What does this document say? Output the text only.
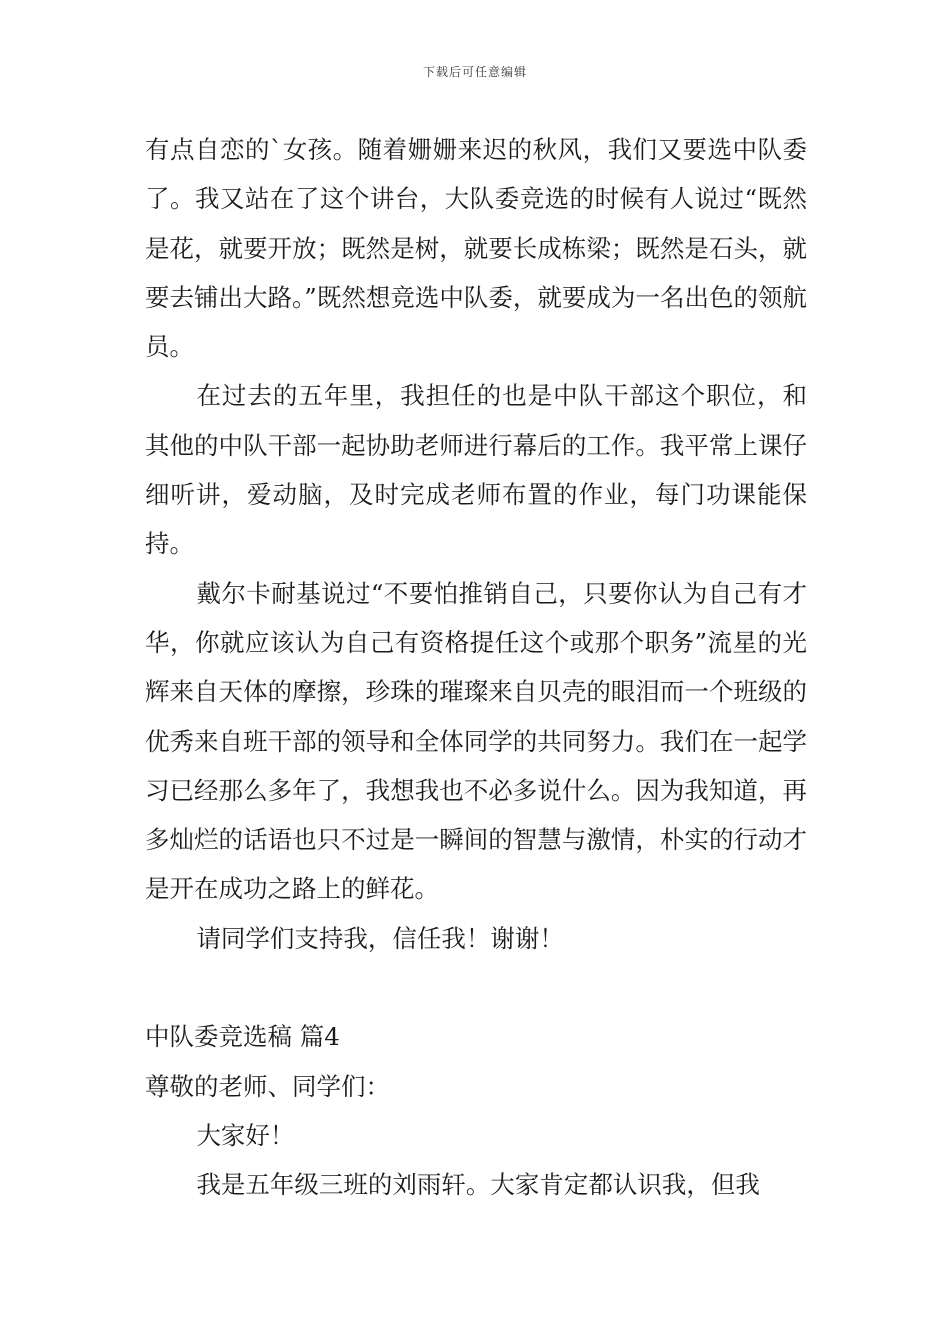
下载后可任意编辑

有点自恋的`女孩。随着姗姗来迟的秋风，我们又要选中队委了。我又站在了这个讲台，大队委竞选的时候有人说过“既然是花，就要开放；既然是树，就要长成栋梁；既然是石头，就要去铺出大路。”既然想竞选中队委，就要成为一名出色的领航员。

在过去的五年里，我担任的也是中队干部这个职位，和其他的中队干部一起协助老师进行幕后的工作。我平常上课仔细听讲，爱动脑，及时完成老师布置的作业，每门功课能保持。

戴尔卡耐基说过“不要怕推销自己，只要你认为自己有才华，你就应该认为自己有资格提任这个或那个职务”流星的光辉来自天体的摩擦，珍珠的璀璨来自贝壳的眼泪而一个班级的优秀来自班干部的领导和全体同学的共同努力。我们在一起学习已经那么多年了，我想我也不必多说什么。因为我知道，再多灿烂的话语也只不过是一瞬间的智慧与激情，朴实的行动才是开在成功之路上的鲜花。

请同学们支持我，信任我！谢谢！

中队委竞选稿 篇4

尊敬的老师、同学们：

大家好！

我是五年级三班的刘雨轩。大家肯定都认识我，但我
